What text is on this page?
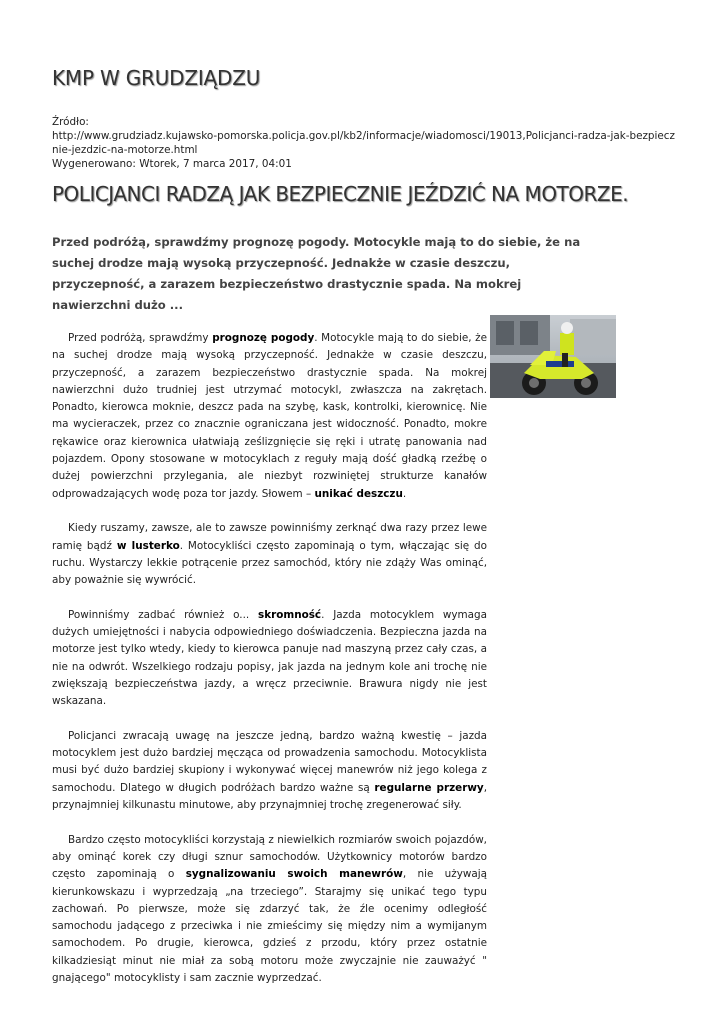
KMP W GRUDZIĄDZU
Źródło:
http://www.grudziadz.kujawsko-pomorska.policja.gov.pl/kb2/informacje/wiadomosci/19013,Policjanci-radza-jak-bezpiecznie-jezdzic-na-motorze.html
Wygenerowano: Wtorek, 7 marca 2017, 04:01
POLICJANCI RADZĄ JAK BEZPIECZNIE JEŹDZIĆ NA MOTORZE.

Przed podróżą, sprawdźmy prognozę pogody. Motocykle mają to do siebie, że na suchej drodze mają wysoką przyczepność. Jednakże w czasie deszczu, przyczepność, a zarazem bezpieczeństwo drastycznie spada. Na mokrej nawierzchni dużo ...

Przed podróżą, sprawdźmy prognozę pogody. Motocykle mają to do siebie, że na suchej drodze mają wysoką przyczepność. Jednakże w czasie deszczu, przyczepność, a zarazem bezpieczeństwo drastycznie spada. Na mokrej nawierzchni dużo trudniej jest utrzymać motocykl, zwłaszcza na zakrętach. Ponadto, kierowca moknie, deszcz pada na szybę, kask, kontrolki, kierownicę. Nie ma wycieraczek, przez co znacznie ograniczana jest widoczność. Ponadto, mokre rękawice oraz kierownica ułatwiają ześlizgnięcie się ręki i utratę panowania nad pojazdem. Opony stosowane w motocyklach z reguły mają dość gładką rzeźbę o dużej powierzchni przylegania, ale niezbyt rozwiniętej strukturze kanałów odprowadzających wodę poza tor jazdy. Słowem – unikać deszczu.

Kiedy ruszamy, zawsze, ale to zawsze powinniśmy zerknąć dwa razy przez lewe ramię bądź w lusterko. Motocykliści często zapominają o tym, włączając się do ruchu. Wystarczy lekkie potrącenie przez samochód, który nie zdąży Was ominąć, aby poważnie się wywrócić.

Powinniśmy zadbać również o... skromność. Jazda motocyklem wymaga dużych umiejętności i nabycia odpowiedniego doświadczenia. Bezpieczna jazda na motorze jest tylko wtedy, kiedy to kierowca panuje nad maszyną przez cały czas, a nie na odwrót. Wszelkiego rodzaju popisy, jak jazda na jednym kole ani trochę nie zwiększają bezpieczeństwa jazdy, a wręcz przeciwnie. Brawura nigdy nie jest wskazana.

Policjanci zwracają uwagę na jeszcze jedną, bardzo ważną kwestię – jazda motocyklem jest dużo bardziej męcząca od prowadzenia samochodu. Motocyklista musi być dużo bardziej skupiony i wykonywać więcej manewrów niż jego kolega z samochodu. Dlatego w długich podróżach bardzo ważne są regularne przerwy, przynajmniej kilkunastu minutowe, aby przynajmniej trochę zregenerować siły.

Bardzo często motocykliści korzystają z niewielkich rozmiarów swoich pojazdów, aby ominąć korek czy długi sznur samochodów. Użytkownicy motorów bardzo często zapominają o sygnalizowaniu swoich manewrów, nie używają kierunkowskazu i wyprzedzają „na trzeciego”. Starajmy się unikać tego typu zachowań. Po pierwsze, może się zdarzyć tak, że źle ocenimy odległość samochodu jadącego z przeciwka i nie zmieścimy się między nim a wymijanym samochodem. Po drugie, kierowca, gdzieś z przodu, który przez ostatnie kilkadziesiąt minut nie miał za sobą motoru może zwyczajnie nie zauważyć " gnającego" motocyklisty i sam zacznie wyprzedzać.
